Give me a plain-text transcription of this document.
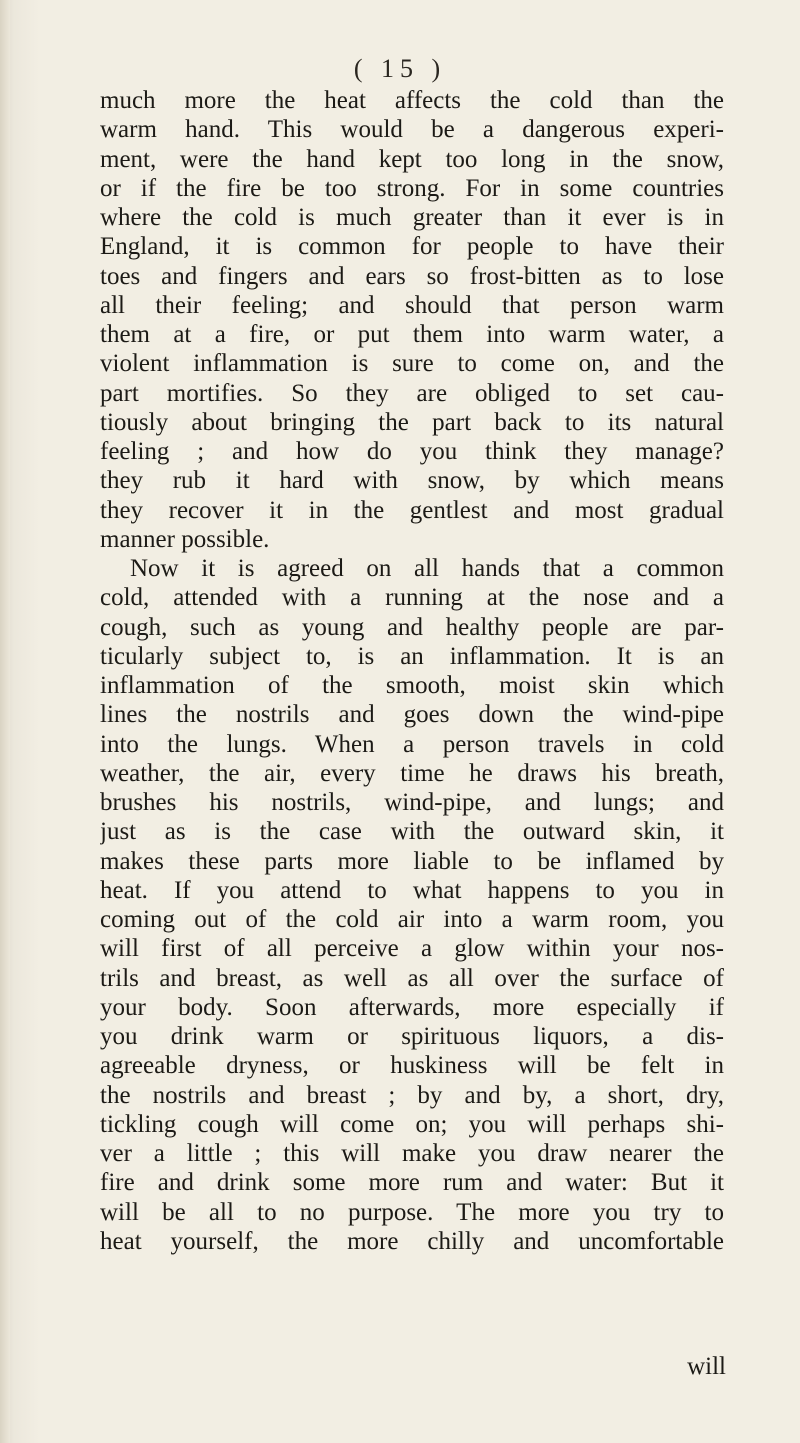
( 15 )
much more the heat affects the cold than the
warm hand. This would be a dangerous experi-
ment, were the hand kept too long in the snow,
or if the fire be too strong. For in some countries
where the cold is much greater than it ever is in
England, it is common for people to have their
toes and fingers and ears so frost-bitten as to lose
all their feeling; and should that person warm
them at a fire, or put them into warm water, a
violent inflammation is sure to come on, and the
part mortifies. So they are obliged to set cau-
tiously about bringing the part back to its natural
feeling ; and how do you think they manage?
they rub it hard with snow, by which means
they recover it in the gentlest and most gradual
manner possible.
Now it is agreed on all hands that a common
cold, attended with a running at the nose and a
cough, such as young and healthy people are par-
ticularly subject to, is an inflammation. It is an
inflammation of the smooth, moist skin which
lines the nostrils and goes down the wind-pipe
into the lungs. When a person travels in cold
weather, the air, every time he draws his breath,
brushes his nostrils, wind-pipe, and lungs; and
just as is the case with the outward skin, it
makes these parts more liable to be inflamed by
heat. If you attend to what happens to you in
coming out of the cold air into a warm room, you
will first of all perceive a glow within your nos-
trils and breast, as well as all over the surface of
your body. Soon afterwards, more especially if
you drink warm or spirituous liquors, a dis-
agreeable dryness, or huskiness will be felt in
the nostrils and breast ; by and by, a short, dry,
tickling cough will come on; you will perhaps shi-
ver a little ; this will make you draw nearer the
fire and drink some more rum and water: But it
will be all to no purpose. The more you try to
heat yourself, the more chilly and uncomfortable
will
